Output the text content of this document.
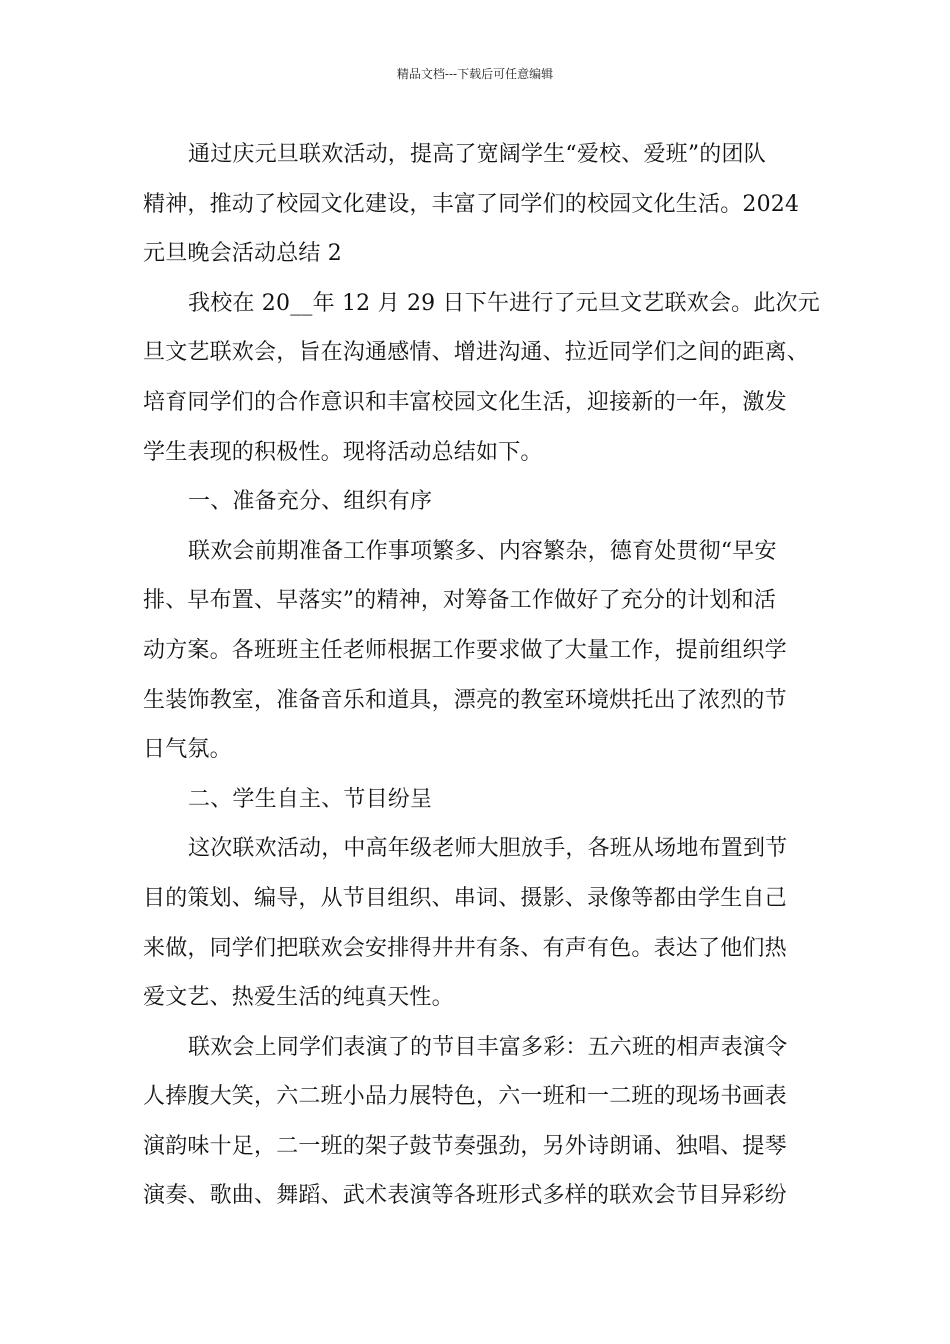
精品文档---下载后可任意编辑
通过庆元旦联欢活动，提高了宽阔学生“爱校、爱班”的团队
精神，推动了校园文化建设，丰富了同学们的校园文化生活。2024
元旦晚会活动总结 2
我校在 20__年 12 月 29 日下午进行了元旦文艺联欢会。此次元
旦文艺联欢会，旨在沟通感情、增进沟通、拉近同学们之间的距离、
培育同学们的合作意识和丰富校园文化生活，迎接新的一年，激发
学生表现的积极性。现将活动总结如下。
一、准备充分、组织有序
联欢会前期准备工作事项繁多、内容繁杂，德育处贯彻“早安
排、早布置、早落实”的精神，对筹备工作做好了充分的计划和活
动方案。各班班主任老师根据工作要求做了大量工作，提前组织学
生装饰教室，准备音乐和道具，漂亮的教室环境烘托出了浓烈的节
日气氛。
二、学生自主、节目纷呈
这次联欢活动，中高年级老师大胆放手，各班从场地布置到节
目的策划、编导，从节目组织、串词、摄影、录像等都由学生自己
来做，同学们把联欢会安排得井井有条、有声有色。表达了他们热
爱文艺、热爱生活的纯真天性。
联欢会上同学们表演了的节目丰富多彩：五六班的相声表演令
人捧腹大笑，六二班小品力展特色，六一班和一二班的现场书画表
演韵味十足，二一班的架子鼓节奏强劲，另外诗朗诵、独唱、提琴
演奏、歌曲、舞蹈、武术表演等各班形式多样的联欢会节目异彩纷
